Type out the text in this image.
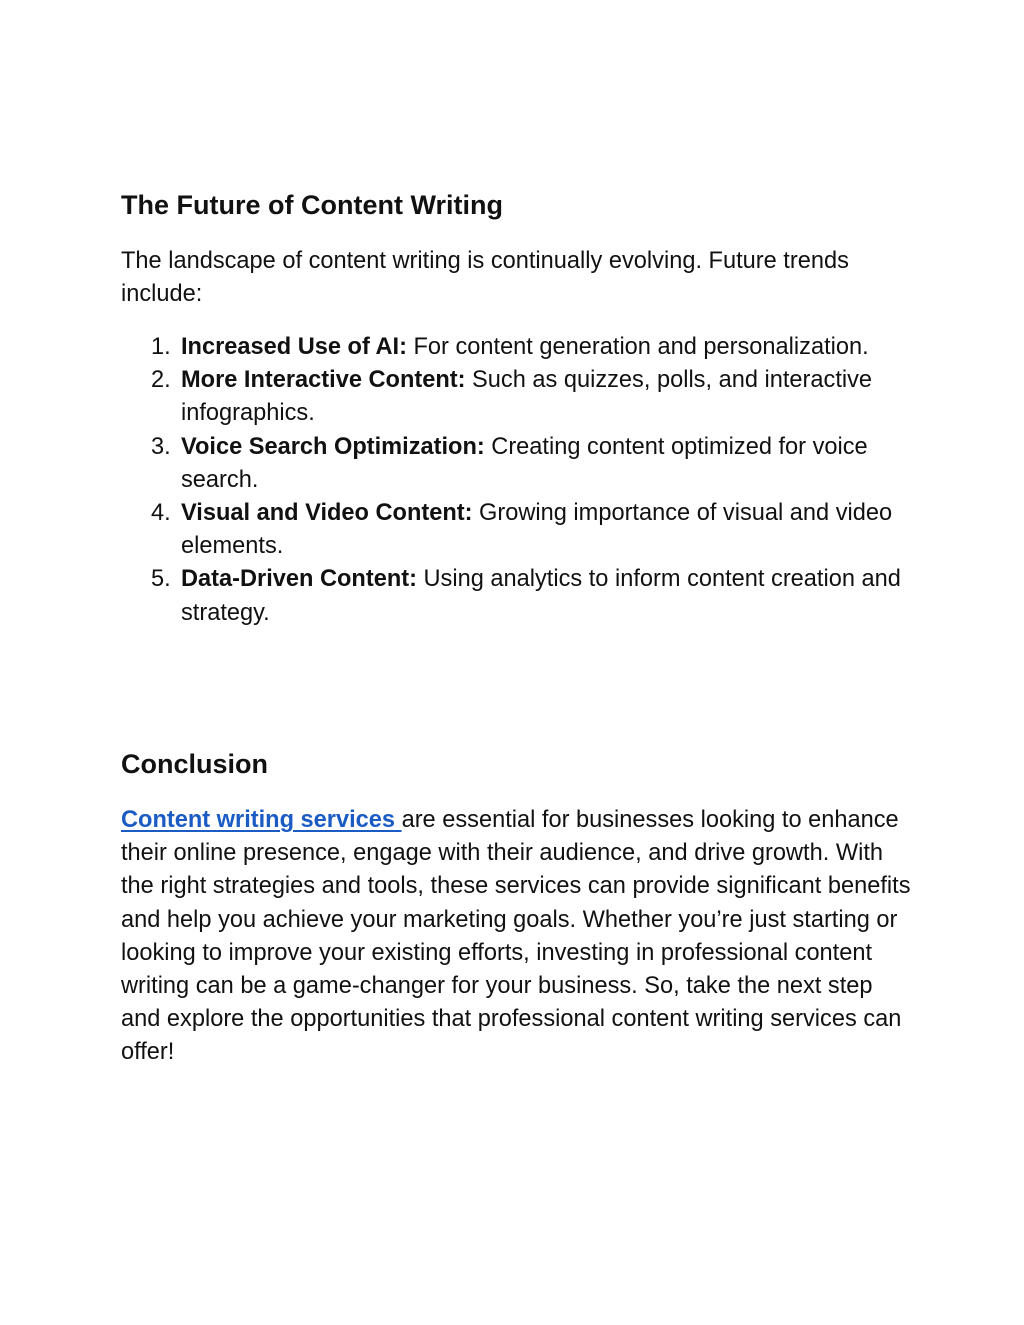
The Future of Content Writing

The landscape of content writing is continually evolving. Future trends include:

1. Increased Use of AI: For content generation and personalization.
2. More Interactive Content: Such as quizzes, polls, and interactive infographics.
3. Voice Search Optimization: Creating content optimized for voice search.
4. Visual and Video Content: Growing importance of visual and video elements.
5. Data-Driven Content: Using analytics to inform content creation and strategy.
Conclusion

Content writing services are essential for businesses looking to enhance their online presence, engage with their audience, and drive growth. With the right strategies and tools, these services can provide significant benefits and help you achieve your marketing goals. Whether you’re just starting or looking to improve your existing efforts, investing in professional content writing can be a game-changer for your business. So, take the next step and explore the opportunities that professional content writing services can offer!
